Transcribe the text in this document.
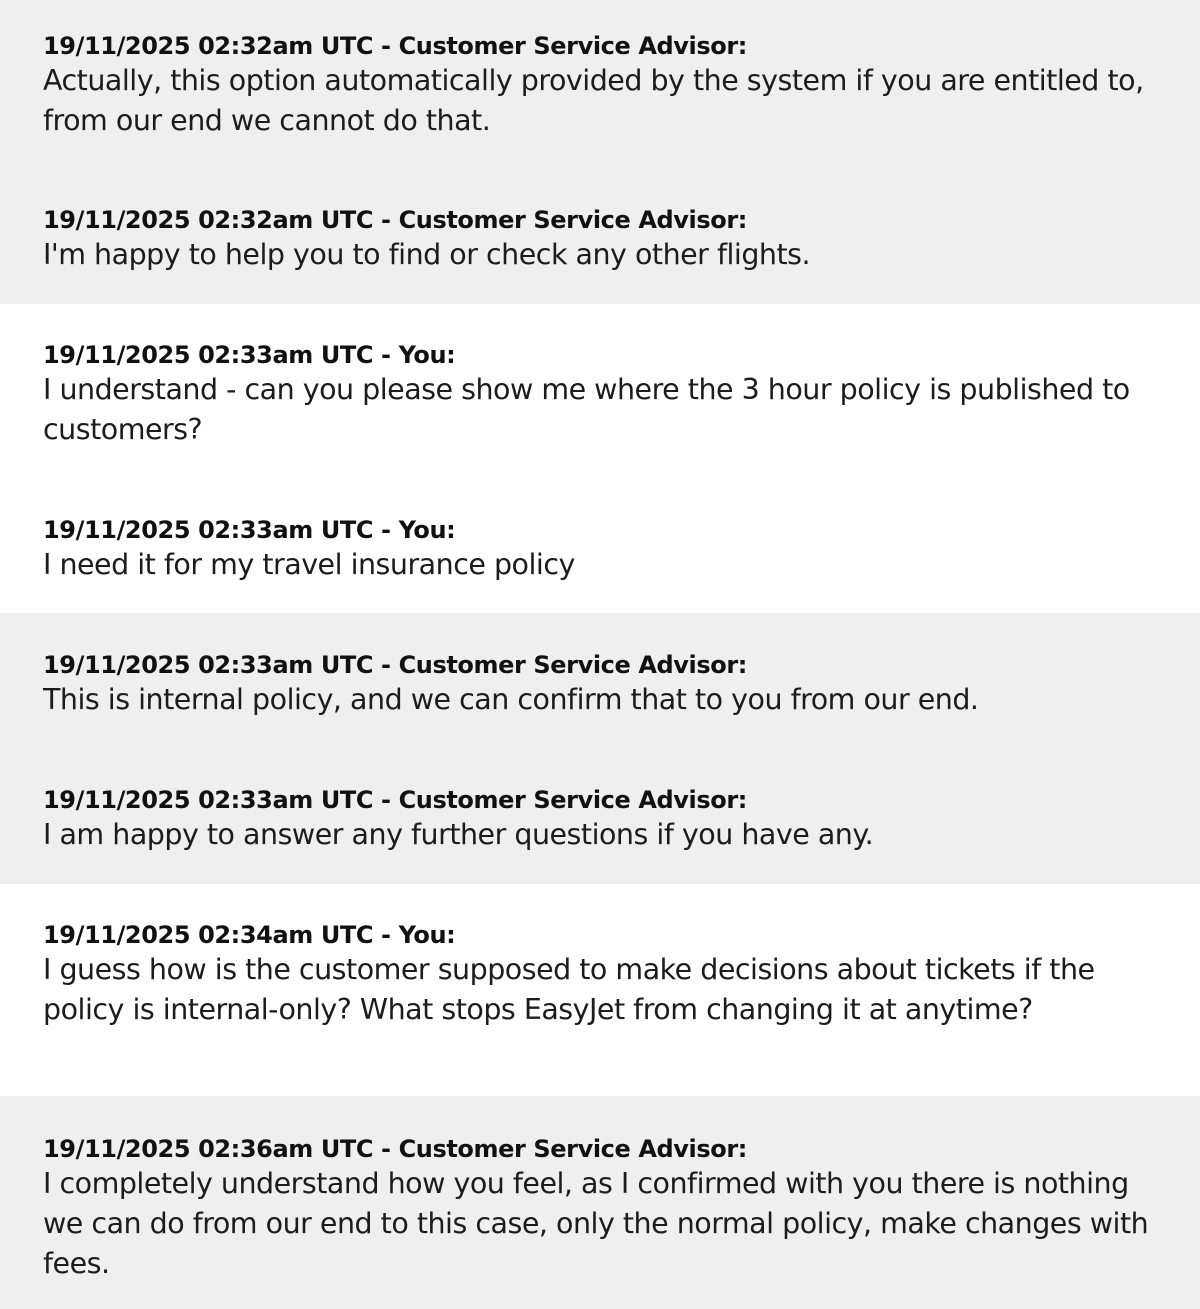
19/11/2025 02:32am UTC - Customer Service Advisor:
Actually, this option automatically provided by the system if you are entitled to, from our end we cannot do that.
19/11/2025 02:32am UTC - Customer Service Advisor:
I'm happy to help you to find or check any other flights.
19/11/2025 02:33am UTC - You:
I understand - can you please show me where the 3 hour policy is published to customers?
19/11/2025 02:33am UTC - You:
I need it for my travel insurance policy
19/11/2025 02:33am UTC - Customer Service Advisor:
This is internal policy, and we can confirm that to you from our end.
19/11/2025 02:33am UTC - Customer Service Advisor:
I am happy to answer any further questions if you have any.
19/11/2025 02:34am UTC - You:
I guess how is the customer supposed to make decisions about tickets if the policy is internal-only? What stops EasyJet from changing it at anytime?
19/11/2025 02:36am UTC - Customer Service Advisor:
I completely understand how you feel, as I confirmed with you there is nothing we can do from our end to this case, only the normal policy, make changes with fees.
